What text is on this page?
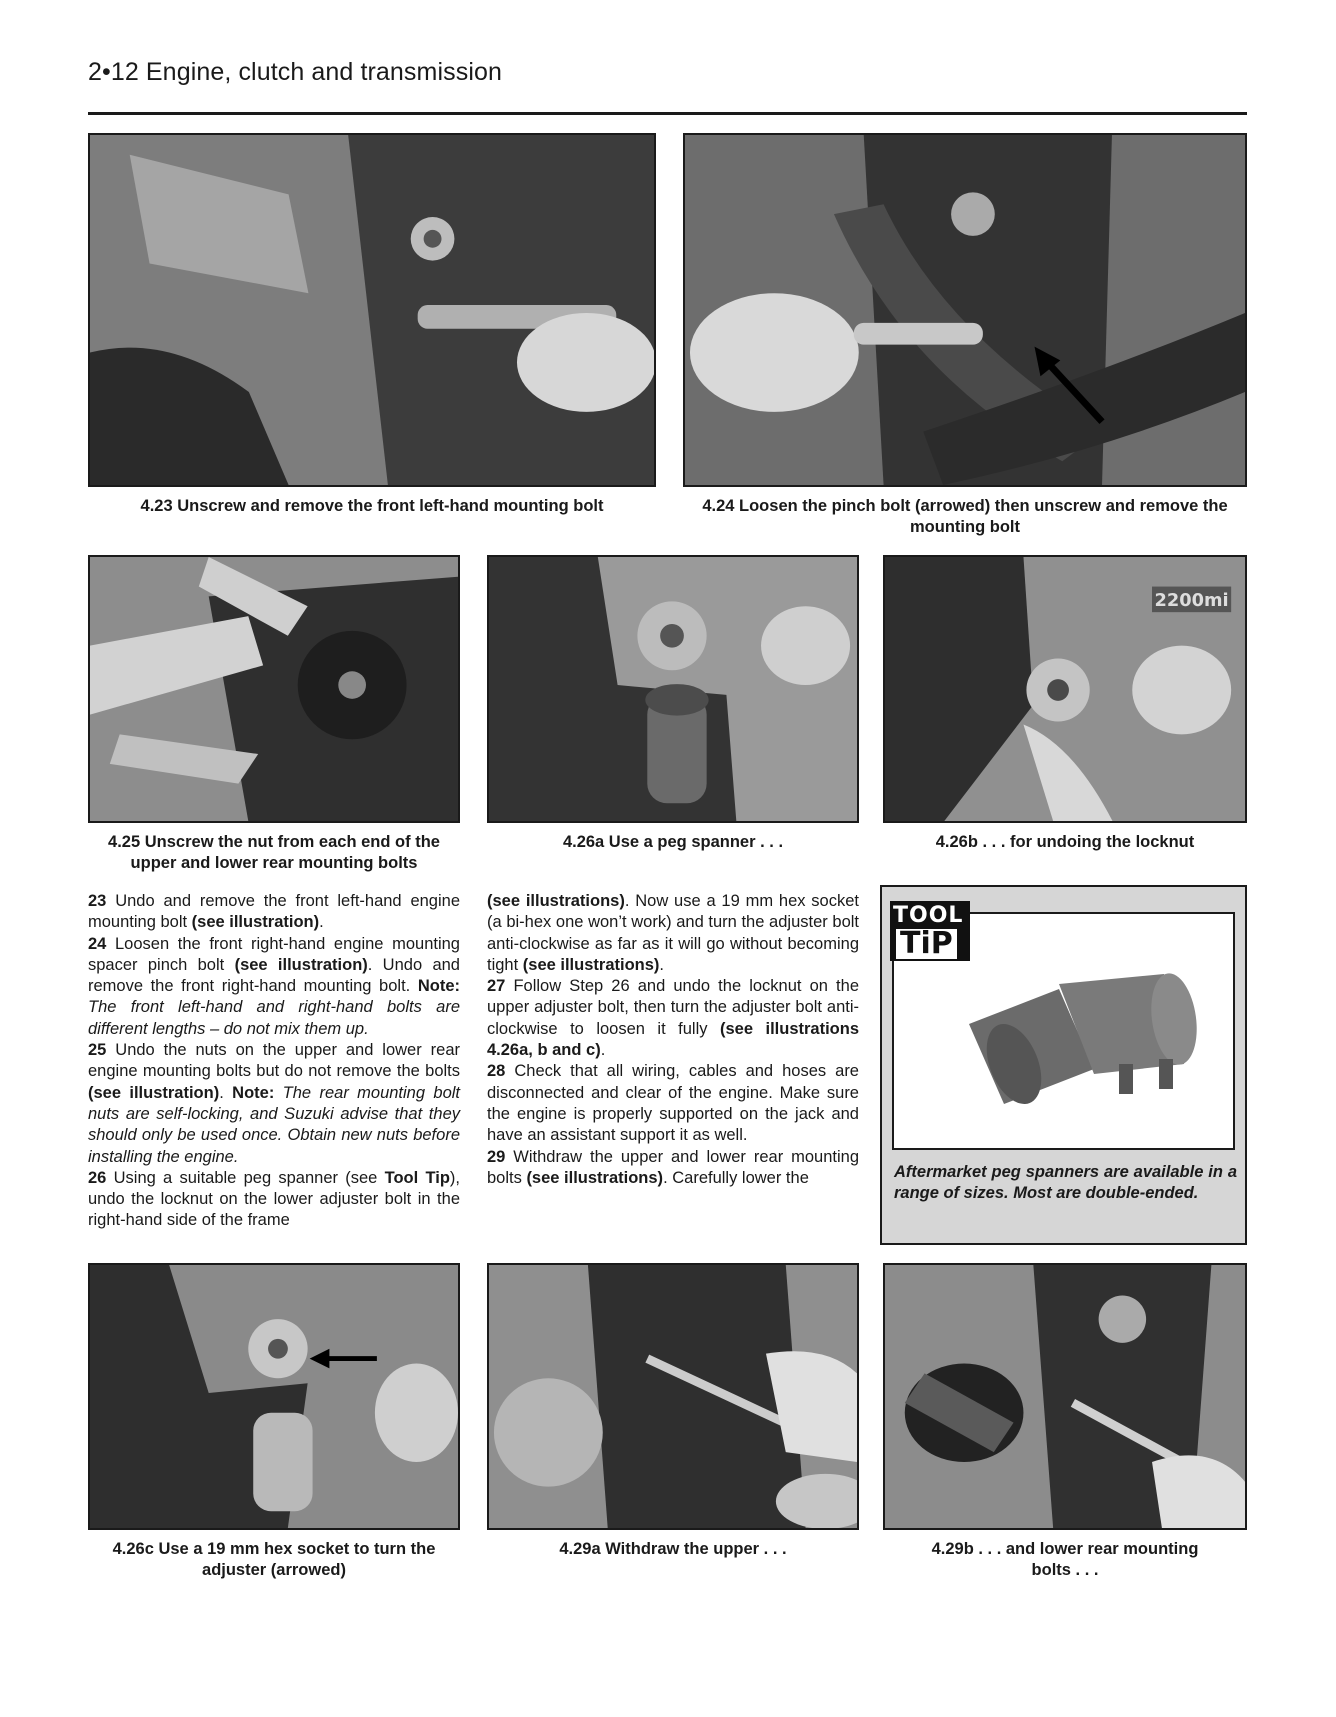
2•12 Engine, clutch and transmission
4.23 Unscrew and remove the front left-hand mounting bolt	4.24 Loosen the pinch bolt (arrowed) then unscrew and remove the mounting bolt
2200mi
4.25 Unscrew the nut from each end of the upper and lower rear mounting bolts
4.26a Use a peg spanner . . .	4.26b . . . for undoing the locknut

23 Undo and remove the front left-hand engine mounting bolt (see illustration).

24 Loosen the front right-hand engine mounting spacer pinch bolt (see illustration). Undo and remove the front right-hand mounting bolt. Note: The front left-hand and right-hand bolts are different lengths – do not mix them up.

25 Undo the nuts on the upper and lower rear engine mounting bolts but do not remove the bolts (see illustration). Note: The rear mounting bolt nuts are self-locking, and Suzuki advise that they should only be used once. Obtain new nuts before installing the engine.

26 Using a suitable peg spanner (see Tool Tip), undo the locknut on the lower adjuster bolt in the right-hand side of the frame

(see illustrations). Now use a 19 mm hex socket (a bi-hex one won’t work) and turn the adjuster bolt anti-clockwise as far as it will go without becoming tight (see illustrations).

27 Follow Step 26 and undo the locknut on the upper adjuster bolt, then turn the adjuster bolt anti-clockwise to loosen it fully (see illustrations 4.26a, b and c).

28 Check that all wiring, cables and hoses are disconnected and clear of the engine. Make sure the engine is properly supported on the jack and have an assistant support it as well.

29 Withdraw the upper and lower rear mounting bolts (see illustrations). Carefully lower the

TOOL
TiP
Aftermarket peg spanners are available in a range of sizes. Most are double-ended.
4.26c Use a 19 mm hex socket to turn the adjuster (arrowed)
4.29a Withdraw the upper . . .	4.29b . . . and lower rear mounting bolts . . .
